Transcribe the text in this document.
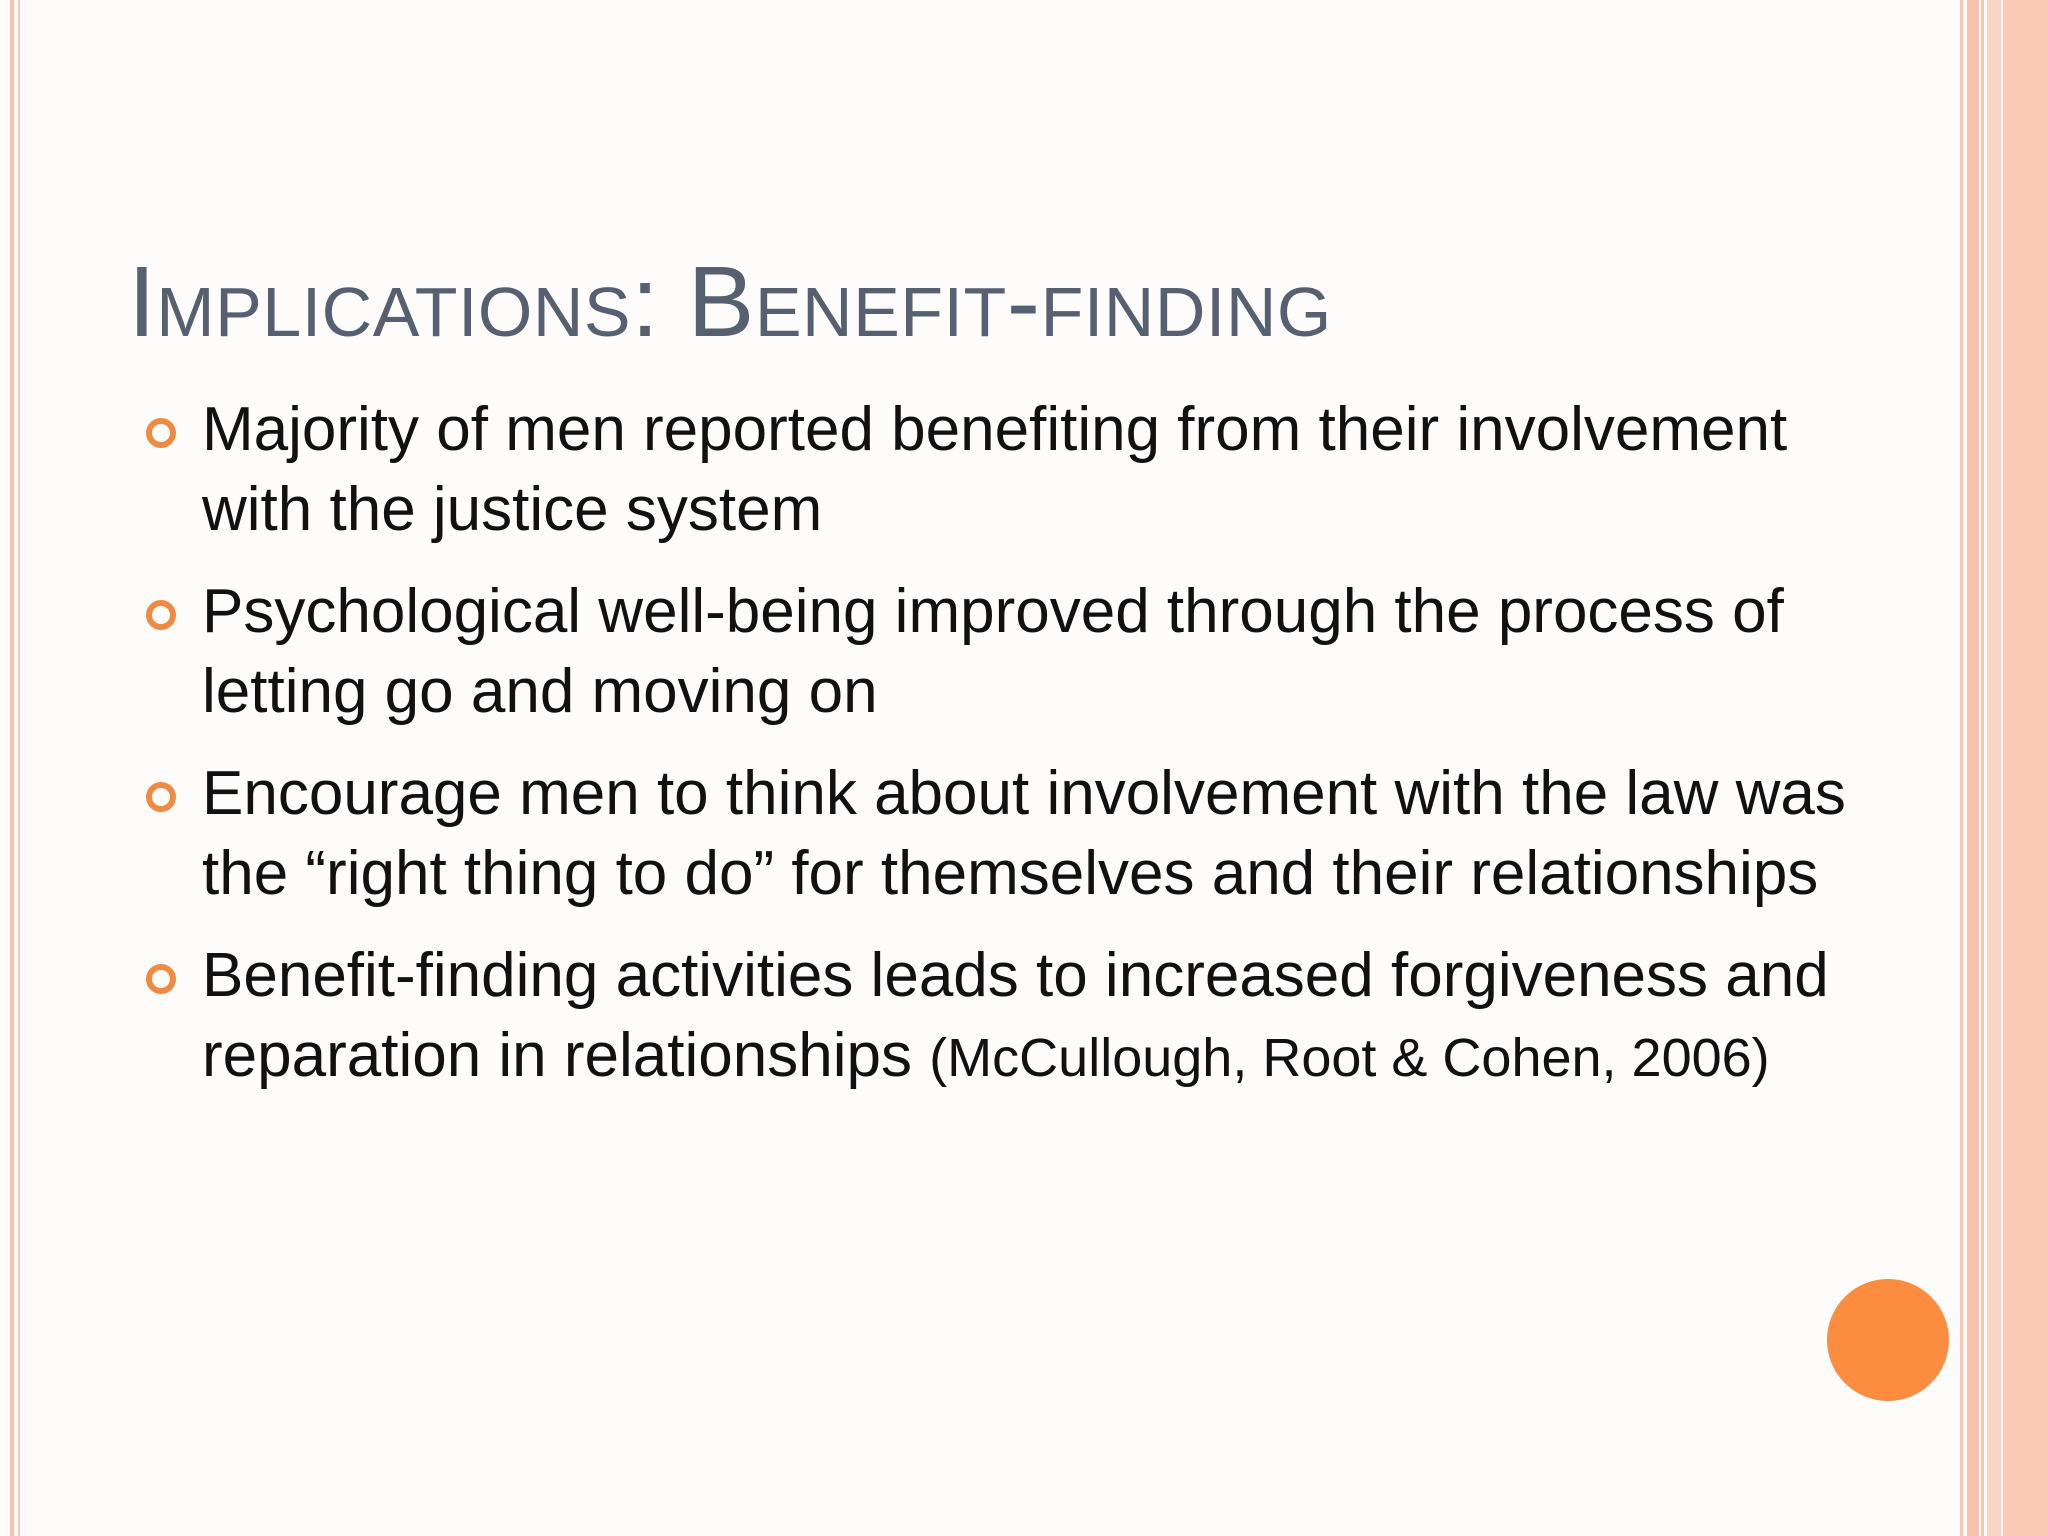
Implications: Benefit-finding

Majority of men reported benefiting from their involvement with the justice system

Psychological well-being improved through the process of letting go and moving on

Encourage men to think about involvement with the law was the “right thing to do” for themselves and their relationships

Benefit-finding activities leads to increased forgiveness and reparation in relationships (McCullough, Root & Cohen, 2006)
